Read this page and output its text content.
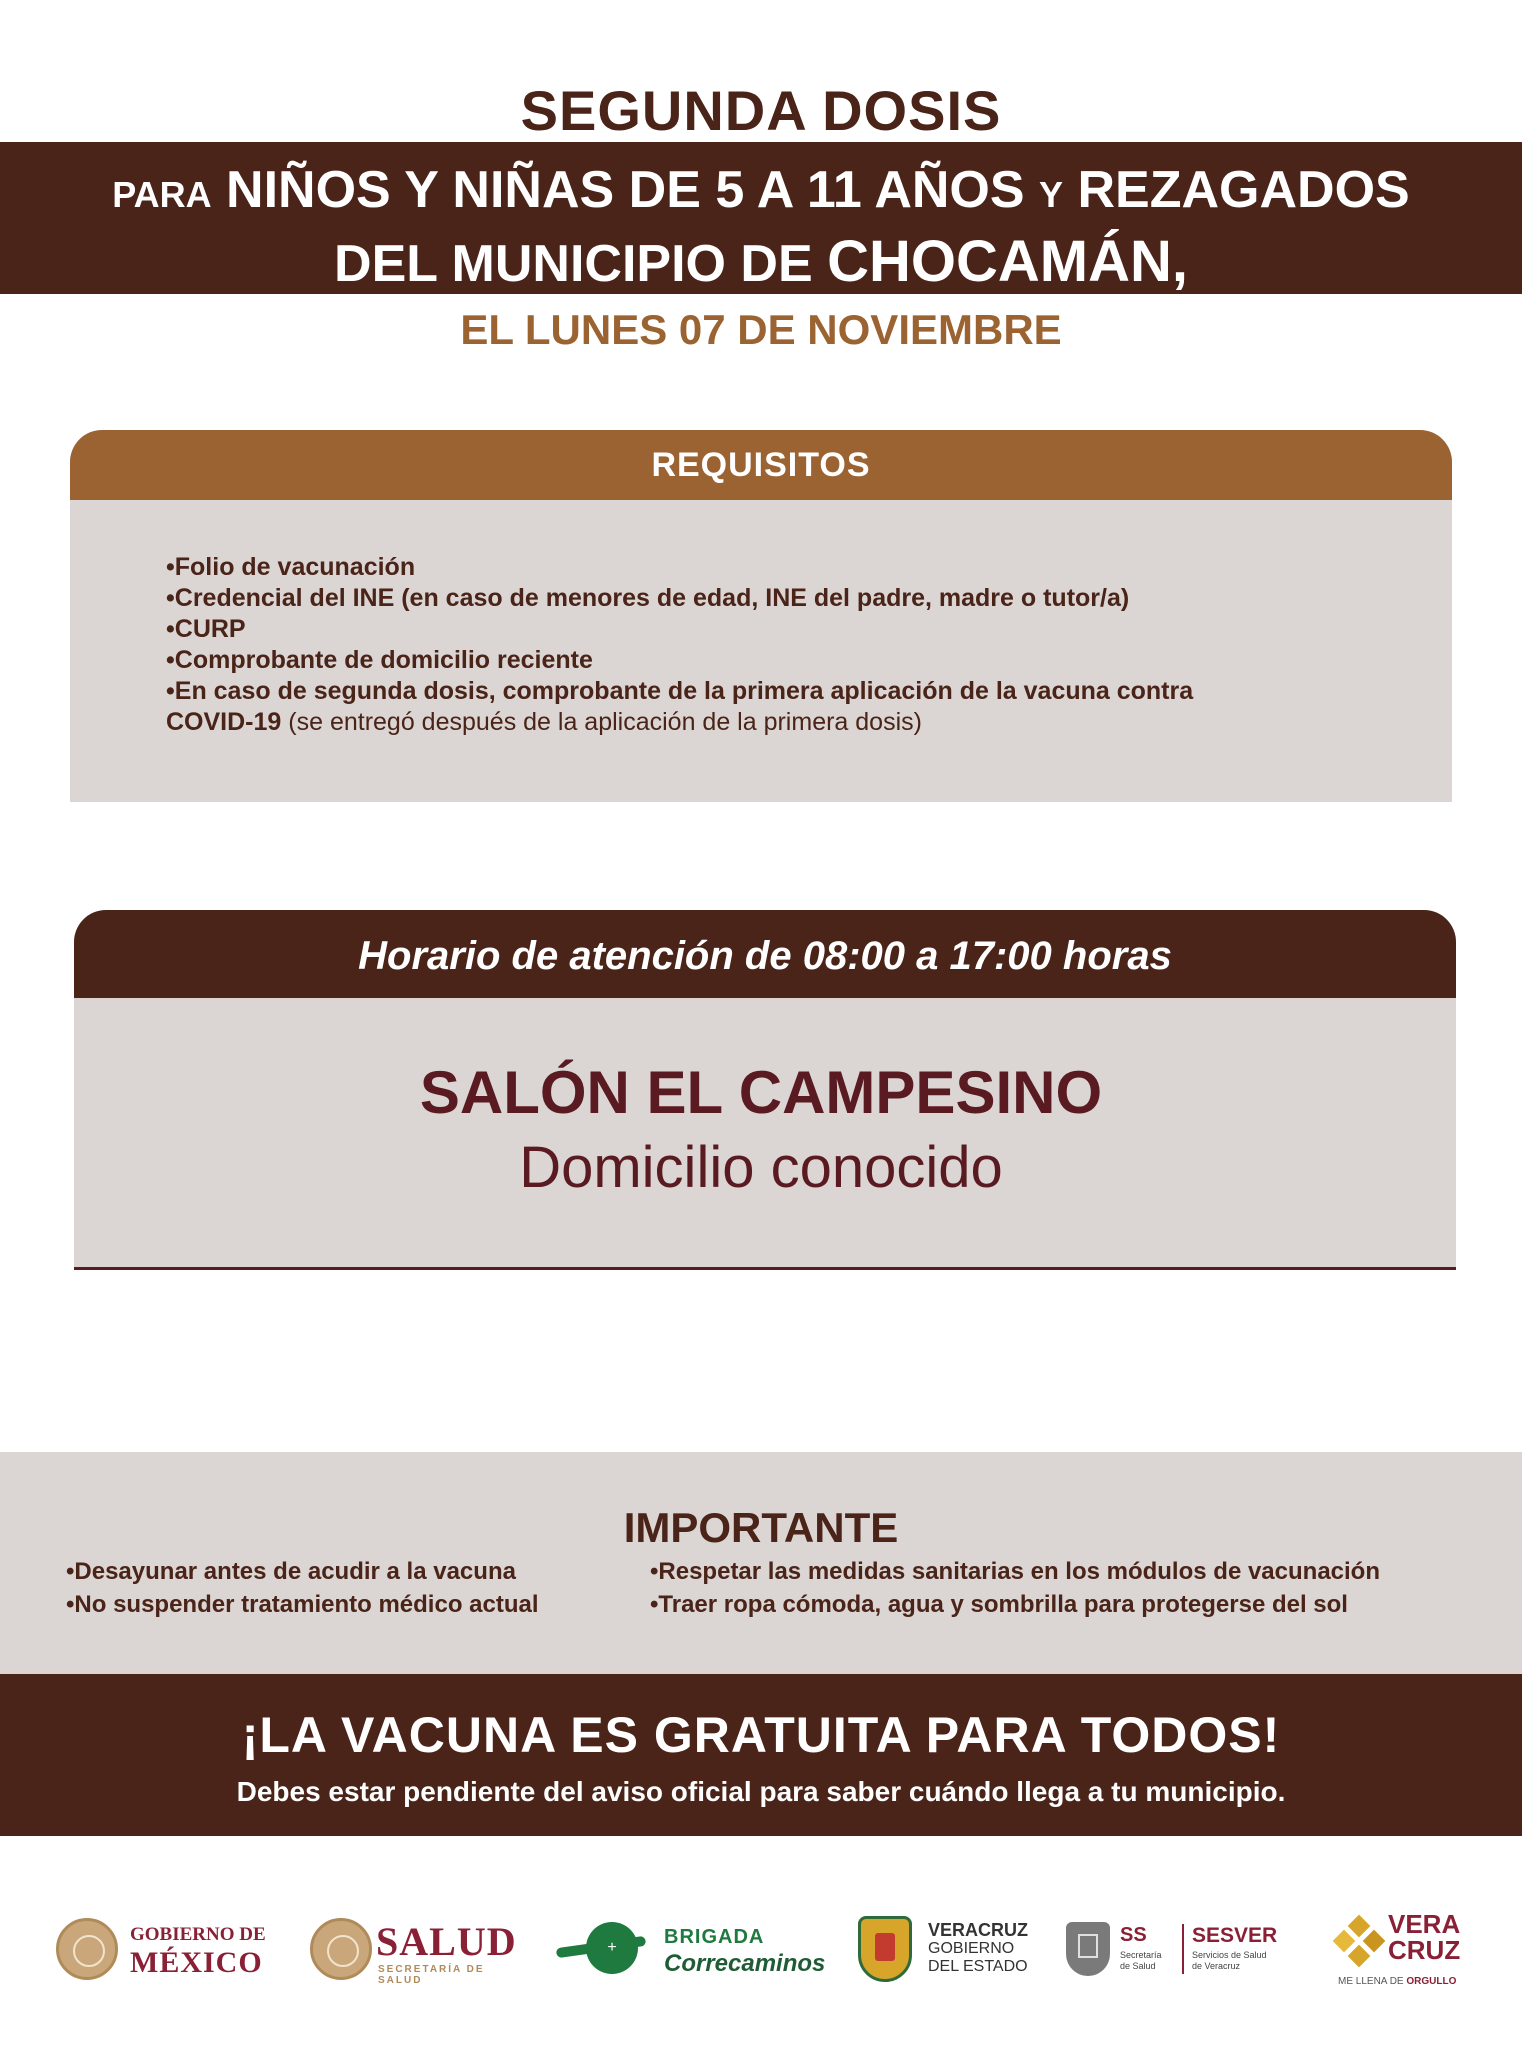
SEGUNDA DOSIS
PARA NIÑOS Y NIÑAS DE 5 A 11 AÑOS Y REZAGADOS
DEL MUNICIPIO DE CHOCAMÁN,
EL LUNES 07 DE NOVIEMBRE
REQUISITOS
• Folio de vacunación
• Credencial del INE (en caso de menores de edad, INE del padre, madre o tutor/a)
• CURP
• Comprobante de domicilio reciente
• En caso de segunda dosis, comprobante de la primera aplicación de la vacuna contra
COVID-19 (se entregó después de la aplicación de la primera dosis)
Horario de atención de 08:00 a 17:00 horas
SALÓN EL CAMPESINO
Domicilio conocido
IMPORTANTE
• Desayunar antes de acudir a la vacuna
• No suspender tratamiento médico actual
• Respetar las medidas sanitarias en los módulos de vacunación
• Traer ropa cómoda, agua y sombrilla para protegerse del sol
¡LA VACUNA ES GRATUITA PARA TODOS!
Debes estar pendiente del aviso oficial para saber cuándo llega a tu municipio.
GOBIERNO DE
MÉXICO	SALUD
SECRETARÍA DE SALUD
+ BRIGADA
Correcaminos
VERACRUZ
GOBIERNO
DEL ESTADO
SS
Secretaría
de Salud
SESVER
Servicios de Salud
de Veracruz
VERA
CRUZ
ME LLENA DE ORGULLO
